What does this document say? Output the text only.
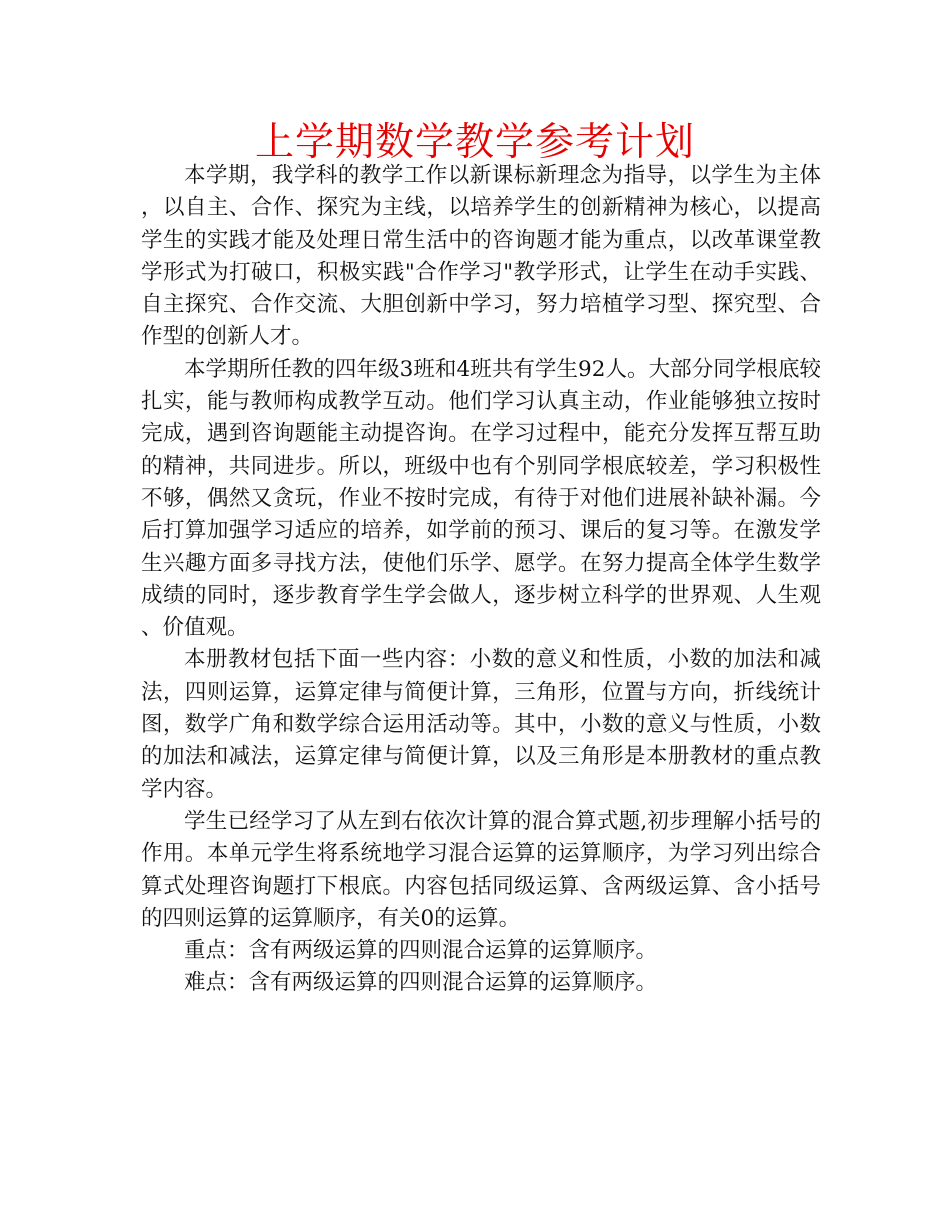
上学期数学教学参考计划

本学期，我学科的教学工作以新课标新理念为指导，以学生为主体，以自主、合作、探究为主线，以培养学生的创新精神为核心，以提高学生的实践才能及处理日常生活中的咨询题才能为重点，以改革课堂教学形式为打破口，积极实践"合作学习"教学形式，让学生在动手实践、自主探究、合作交流、大胆创新中学习，努力培植学习型、探究型、合作型的创新人才。

本学期所任教的四年级3班和4班共有学生92人。大部分同学根底较扎实，能与教师构成教学互动。他们学习认真主动，作业能够独立按时完成，遇到咨询题能主动提咨询。在学习过程中，能充分发挥互帮互助的精神，共同进步。所以，班级中也有个别同学根底较差，学习积极性不够，偶然又贪玩，作业不按时完成，有待于对他们进展补缺补漏。今后打算加强学习适应的培养，如学前的预习、课后的复习等。在激发学生兴趣方面多寻找方法，使他们乐学、愿学。在努力提高全体学生数学成绩的同时，逐步教育学生学会做人，逐步树立科学的世界观、人生观、价值观。

本册教材包括下面一些内容：小数的意义和性质，小数的加法和减法，四则运算，运算定律与简便计算，三角形，位置与方向，折线统计图，数学广角和数学综合运用活动等。其中，小数的意义与性质，小数的加法和减法，运算定律与简便计算，以及三角形是本册教材的重点教学内容。

学生已经学习了从左到右依次计算的混合算式题,初步理解小括号的作用。本单元学生将系统地学习混合运算的运算顺序，为学习列出综合算式处理咨询题打下根底。内容包括同级运算、含两级运算、含小括号的四则运算的运算顺序，有关0的运算。

重点：含有两级运算的四则混合运算的运算顺序。

难点：含有两级运算的四则混合运算的运算顺序。
